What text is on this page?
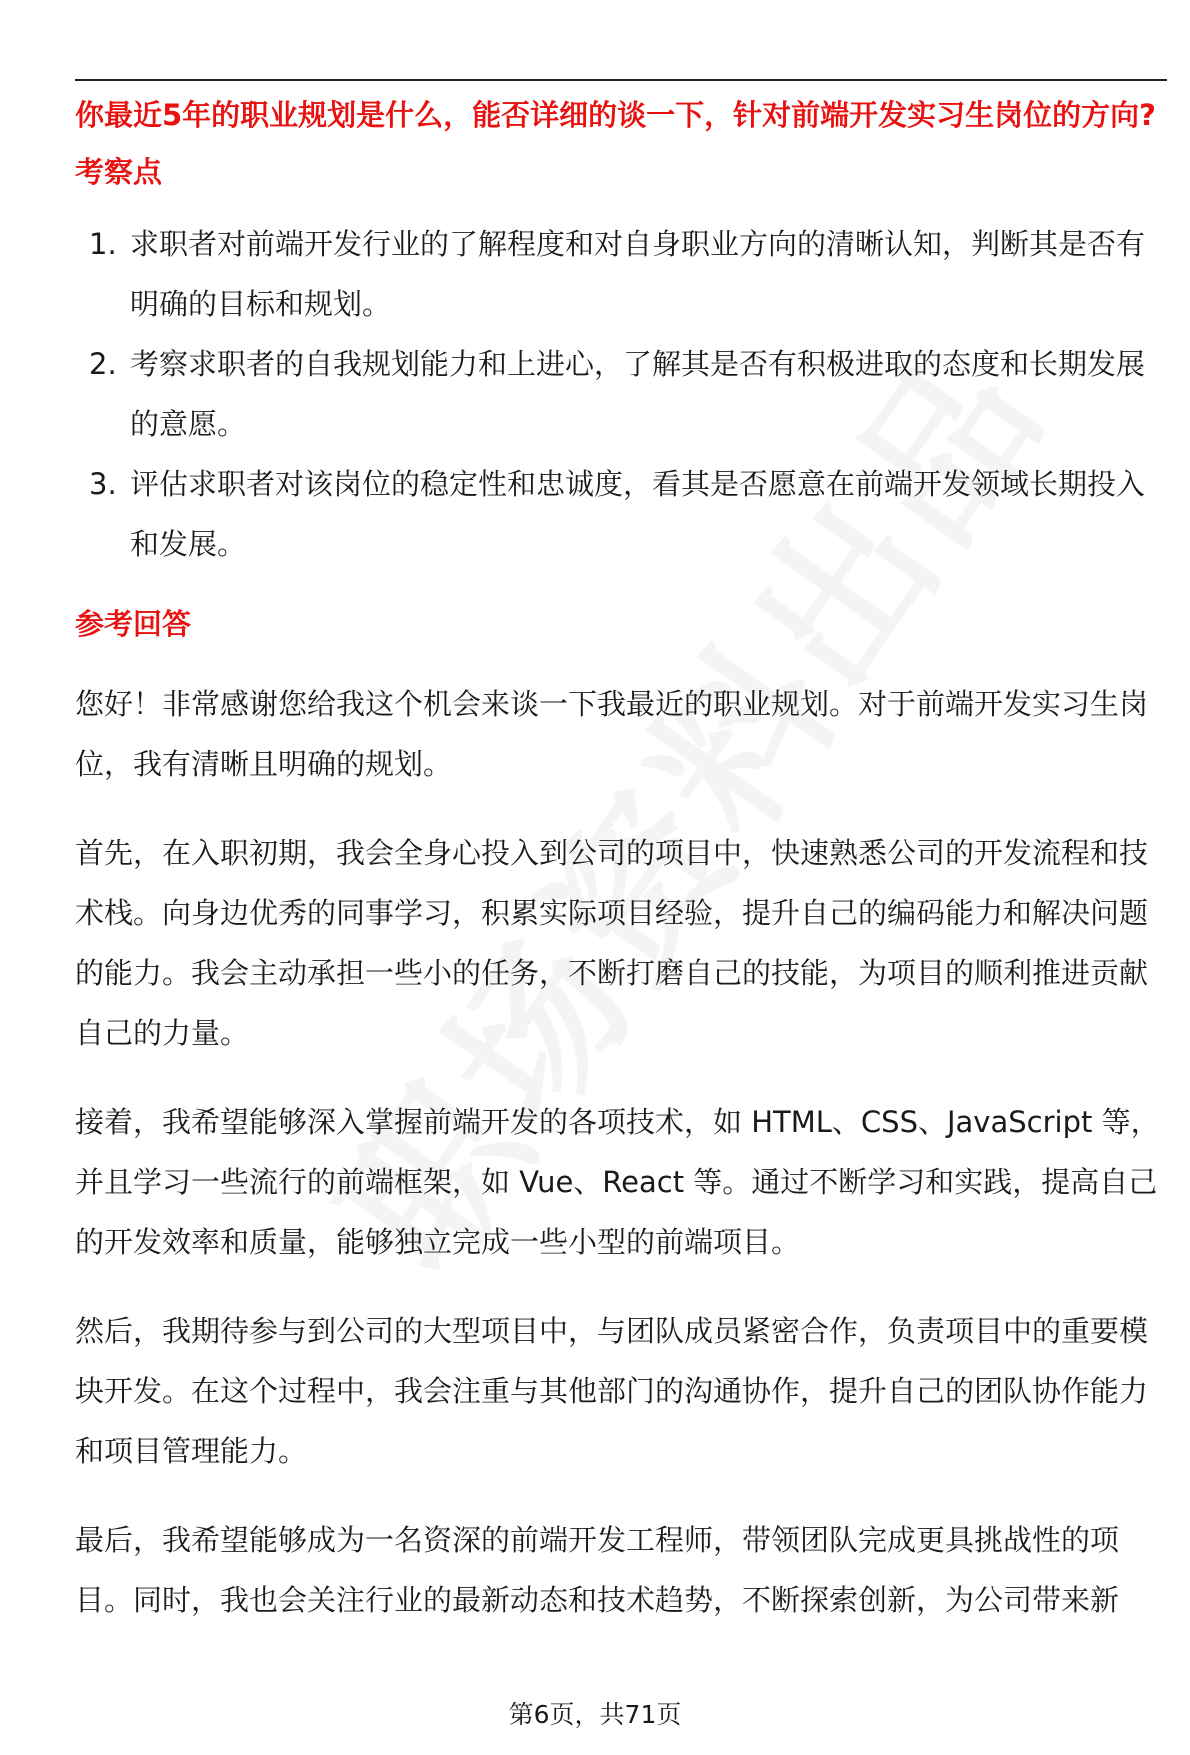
你最近5年的职业规划是什么，能否详细的谈一下，针对前端开发实习生岗位的方向?
考察点
1. 求职者对前端开发行业的了解程度和对自身职业方向的清晰认知，判断其是否有明确的目标和规划。
2. 考察求职者的自我规划能力和上进心，了解其是否有积极进取的态度和长期发展的意愿。
3. 评估求职者对该岗位的稳定性和忠诚度，看其是否愿意在前端开发领域长期投入和发展。
参考回答

您好！非常感谢您给我这个机会来谈一下我最近的职业规划。对于前端开发实习生岗位，我有清晰且明确的规划。

首先，在入职初期，我会全身心投入到公司的项目中，快速熟悉公司的开发流程和技术栈。向身边优秀的同事学习，积累实际项目经验，提升自己的编码能力和解决问题的能力。我会主动承担一些小的任务，不断打磨自己的技能，为项目的顺利推进贡献自己的力量。

接着，我希望能够深入掌握前端开发的各项技术，如 HTML、CSS、JavaScript 等，并且学习一些流行的前端框架，如 Vue、React 等。通过不断学习和实践，提高自己的开发效率和质量，能够独立完成一些小型的前端项目。

然后，我期待参与到公司的大型项目中，与团队成员紧密合作，负责项目中的重要模块开发。在这个过程中，我会注重与其他部门的沟通协作，提升自己的团队协作能力和项目管理能力。

最后，我希望能够成为一名资深的前端开发工程师，带领团队完成更具挑战性的项目。同时，我也会关注行业的最新动态和技术趋势，不断探索创新，为公司带来新

第6页，共71页
